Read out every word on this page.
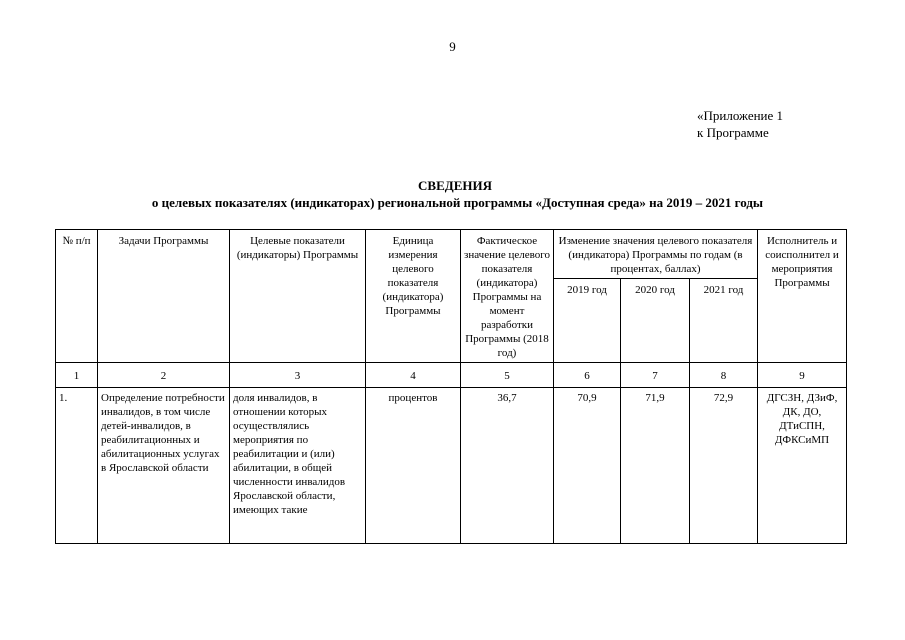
9
«Приложение 1
к Программе
СВЕДЕНИЯ
о целевых показателях (индикаторах) региональной программы «Доступная среда» на 2019 – 2021 годы
№ п/п	Задачи Программы	Целевые показатели (индикаторы) Программы	Единица измерения целевого показателя (индикатора) Программы	Фактическое значение целевого показателя (индикатора) Программы на момент разработки Программы (2018 год)	Изменение значения целевого показателя (индикатора) Программы по годам (в процентах, баллах)			Исполнитель и соисполнител и мероприятия Программы
					2019 год	2020 год	2021 год	
1	2	3	4	5	6	7	8	9
1.	Определение потребности инвалидов, в том числе детей-инвалидов, в реабилитационных и абилитационных услугах в Ярославской области	доля инвалидов, в отношении которых осуществлялись мероприятия по реабилитации и (или) абилитации, в общей численности инвалидов Ярославской области, имеющих такие	процентов	36,7	70,9	71,9	72,9	ДГСЗН, ДЗиФ, ДК, ДО, ДТиСПН, ДФКСиМП
